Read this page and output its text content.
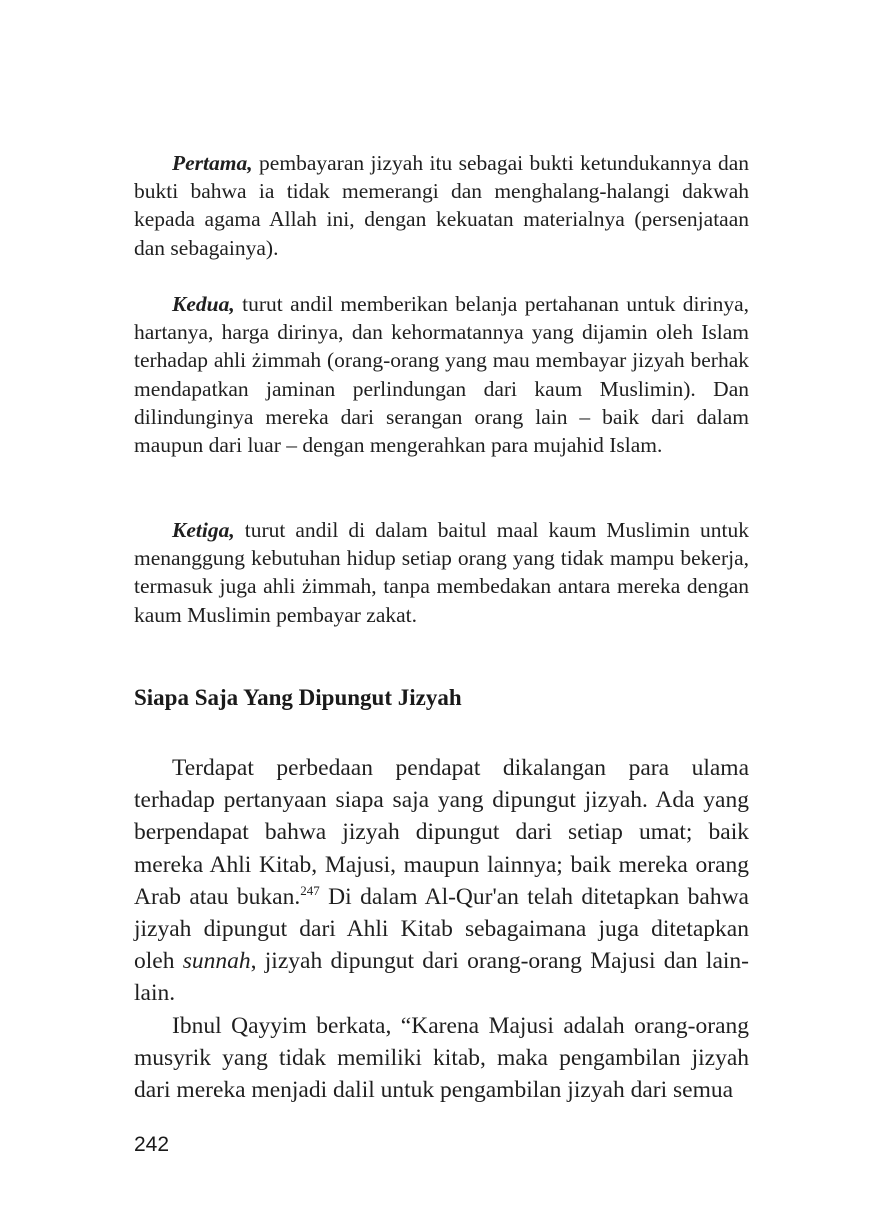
Pertama, pembayaran jizyah itu sebagai bukti ketundukannya dan bukti bahwa ia tidak memerangi dan menghalang-halangi dakwah kepada agama Allah ini, dengan kekuatan materialnya (persenjataan dan sebagainya).

Kedua, turut andil memberikan belanja pertahanan untuk dirinya, hartanya, harga dirinya, dan kehormatannya yang dijamin oleh Islam terhadap ahli żimmah (orang-orang yang mau membayar jizyah berhak mendapatkan jaminan perlindungan dari kaum Muslimin). Dan dilindunginya mereka dari serangan orang lain – baik dari dalam maupun dari luar – dengan mengerahkan para mujahid Islam.

Ketiga, turut andil di dalam baitul maal kaum Muslimin untuk menanggung kebutuhan hidup setiap orang yang tidak mampu bekerja, termasuk juga ahli żimmah, tanpa membedakan antara mereka dengan kaum Muslimin pembayar zakat.

Siapa Saja Yang Dipungut Jizyah

Terdapat perbedaan pendapat dikalangan para ulama terhadap pertanyaan siapa saja yang dipungut jizyah. Ada yang berpendapat bahwa jizyah dipungut dari setiap umat; baik mereka Ahli Kitab, Majusi, maupun lainnya; baik mereka orang Arab atau bukan.$^{247}$ Di dalam Al-Qur'an telah ditetapkan bahwa jizyah dipungut dari Ahli Kitab sebagaimana juga ditetapkan oleh sunnah, jizyah dipungut dari orang-orang Majusi dan lain-lain.

Ibnul Qayyim berkata, “Karena Majusi adalah orang-orang musyrik yang tidak memiliki kitab, maka pengambilan jizyah dari mereka menjadi dalil untuk pengambilan jizyah dari semua

242
